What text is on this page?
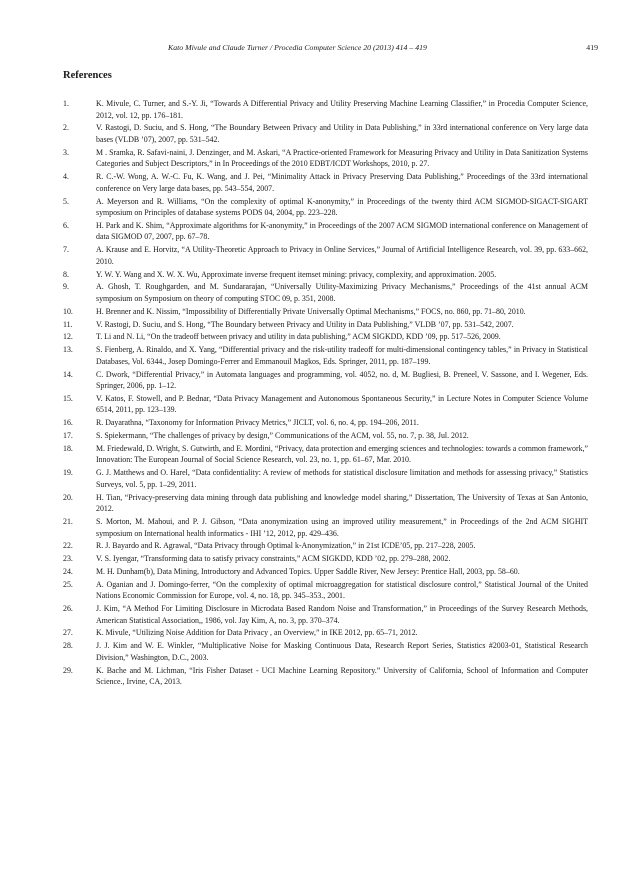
Kato Mivule and Claude Turner / Procedia Computer Science 20 (2013) 414 – 419	419
References
1.	K. Mivule, C. Turner, and S.-Y. Ji, “Towards A Differential Privacy and Utility Preserving Machine Learning Classifier,” in Procedia Computer Science, 2012, vol. 12, pp. 176–181.
2.	V. Rastogi, D. Suciu, and S. Hong, “The Boundary Between Privacy and Utility in Data Publishing,” in 33rd international conference on Very large data bases (VLDB ’07), 2007, pp. 531–542.
3.	M . Sramka, R. Safavi-naini, J. Denzinger, and M. Askari, “A Practice-oriented Framework for Measuring Privacy and Utility in Data Sanitization Systems Categories and Subject Descriptors,” in In Proceedings of the 2010 EDBT/ICDT Workshops, 2010, p. 27.
4.	R. C.-W. Wong, A. W.-C. Fu, K. Wang, and J. Pei, “Minimality Attack in Privacy Preserving Data Publishing,” Proceedings of the 33rd international conference on Very large data bases, pp. 543–554, 2007.
5.	A. Meyerson and R. Williams, “On the complexity of optimal K-anonymity,” in Proceedings of the twenty third ACM SIGMOD-SIGACT-SIGART symposium on Principles of database systems PODS 04, 2004, pp. 223–228.
6.	H. Park and K. Shim, “Approximate algorithms for K-anonymity,” in Proceedings of the 2007 ACM SIGMOD international conference on Management of data SIGMOD 07, 2007, pp. 67–78.
7.	A. Krause and E. Horvitz, “A Utility-Theoretic Approach to Privacy in Online Services,” Journal of Artificial Intelligence Research, vol. 39, pp. 633–662, 2010.
8.	Y. W. Y. Wang and X. W. X. Wu, Approximate inverse frequent itemset mining: privacy, complexity, and approximation. 2005.
9.	A. Ghosh, T. Roughgarden, and M. Sundararajan, “Universally Utility-Maximizing Privacy Mechanisms,” Proceedings of the 41st annual ACM symposium on Symposium on theory of computing STOC 09, p. 351, 2008.
10.	H. Brenner and K. Nissim, “Impossibility of Differentially Private Universally Optimal Mechanisms,” FOCS, no. 860, pp. 71–80, 2010.
11.	V. Rastogi, D. Suciu, and S. Hong, “The Boundary between Privacy and Utility in Data Publishing,” VLDB ’07, pp. 531–542, 2007.
12.	T. Li and N. Li, “On the tradeoff between privacy and utility in data publishing,” ACM SIGKDD, KDD ’09, pp. 517–526, 2009.
13.	S. Fienberg, A. Rinaldo, and X. Yang, “Differential privacy and the risk-utility tradeoff for multi-dimensional contingency tables,” in Privacy in Statistical Databases, Vol. 6344., Josep Domingo-Ferrer and Emmanouil Magkos, Eds. Springer, 2011, pp. 187–199.
14.	C. Dwork, “Differential Privacy,” in Automata languages and programming, vol. 4052, no. d, M. Bugliesi, B. Preneel, V. Sassone, and I. Wegener, Eds. Springer, 2006, pp. 1–12.
15.	V. Katos, F. Stowell, and P. Bednar, “Data Privacy Management and Autonomous Spontaneous Security,” in Lecture Notes in Computer Science Volume 6514, 2011, pp. 123–139.
16.	R. Dayarathna, “Taxonomy for Information Privacy Metrics,” JICLT, vol. 6, no. 4, pp. 194–206, 2011.
17.	S. Spiekermann, “The challenges of privacy by design,” Communications of the ACM, vol. 55, no. 7, p. 38, Jul. 2012.
18.	M. Friedewald, D. Wright, S. Gutwirth, and E. Mordini, “Privacy, data protection and emerging sciences and technologies: towards a common framework,” Innovation: The European Journal of Social Science Research, vol. 23, no. 1, pp. 61–67, Mar. 2010.
19.	G. J. Matthews and O. Harel, “Data confidentiality: A review of methods for statistical disclosure limitation and methods for assessing privacy,” Statistics Surveys, vol. 5, pp. 1–29, 2011.
20.	H. Tian, “Privacy-preserving data mining through data publishing and knowledge model sharing,” Dissertation, The University of Texas at San Antonio, 2012.
21.	S. Morton, M. Mahoui, and P. J. Gibson, “Data anonymization using an improved utility measurement,” in Proceedings of the 2nd ACM SIGHIT symposium on International health informatics - IHI ’12, 2012, pp. 429–436.
22.	R. J. Bayardo and R. Agrawal, “Data Privacy through Optimal k-Anonymization,” in 21st ICDE’05, pp. 217–228, 2005.
23.	V. S. Iyengar, “Transforming data to satisfy privacy constraints,” ACM SIGKDD, KDD ’02, pp. 279–288, 2002.
24.	M. H. Dunham(b), Data Mining, Introductory and Advanced Topics. Upper Saddle River, New Jersey: Prentice Hall, 2003, pp. 58–60.
25.	A. Oganian and J. Domingo-ferrer, “On the complexity of optimal microaggregation for statistical disclosure control,” Statistical Journal of the United Nations Economic Commission for Europe, vol. 4, no. 18, pp. 345–353., 2001.
26.	J. Kim, “A Method For Limiting Disclosure in Microdata Based Random Noise and Transformation,” in Proceedings of the Survey Research Methods, American Statistical Association,, 1986, vol. Jay Kim, A, no. 3, pp. 370–374.
27.	K. Mivule, “Utilizing Noise Addition for Data Privacy , an Overview,” in IKE 2012, pp. 65–71, 2012.
28.	J. J. Kim and W. E. Winkler, “Multiplicative Noise for Masking Continuous Data, Research Report Series, Statistics #2003-01, Statistical Research Division,” Washington, D.C., 2003.
29.	K. Bache and M. Lichman, “Iris Fisher Dataset - UCI Machine Learning Repository.” University of California, School of Information and Computer Science., Irvine, CA, 2013.
